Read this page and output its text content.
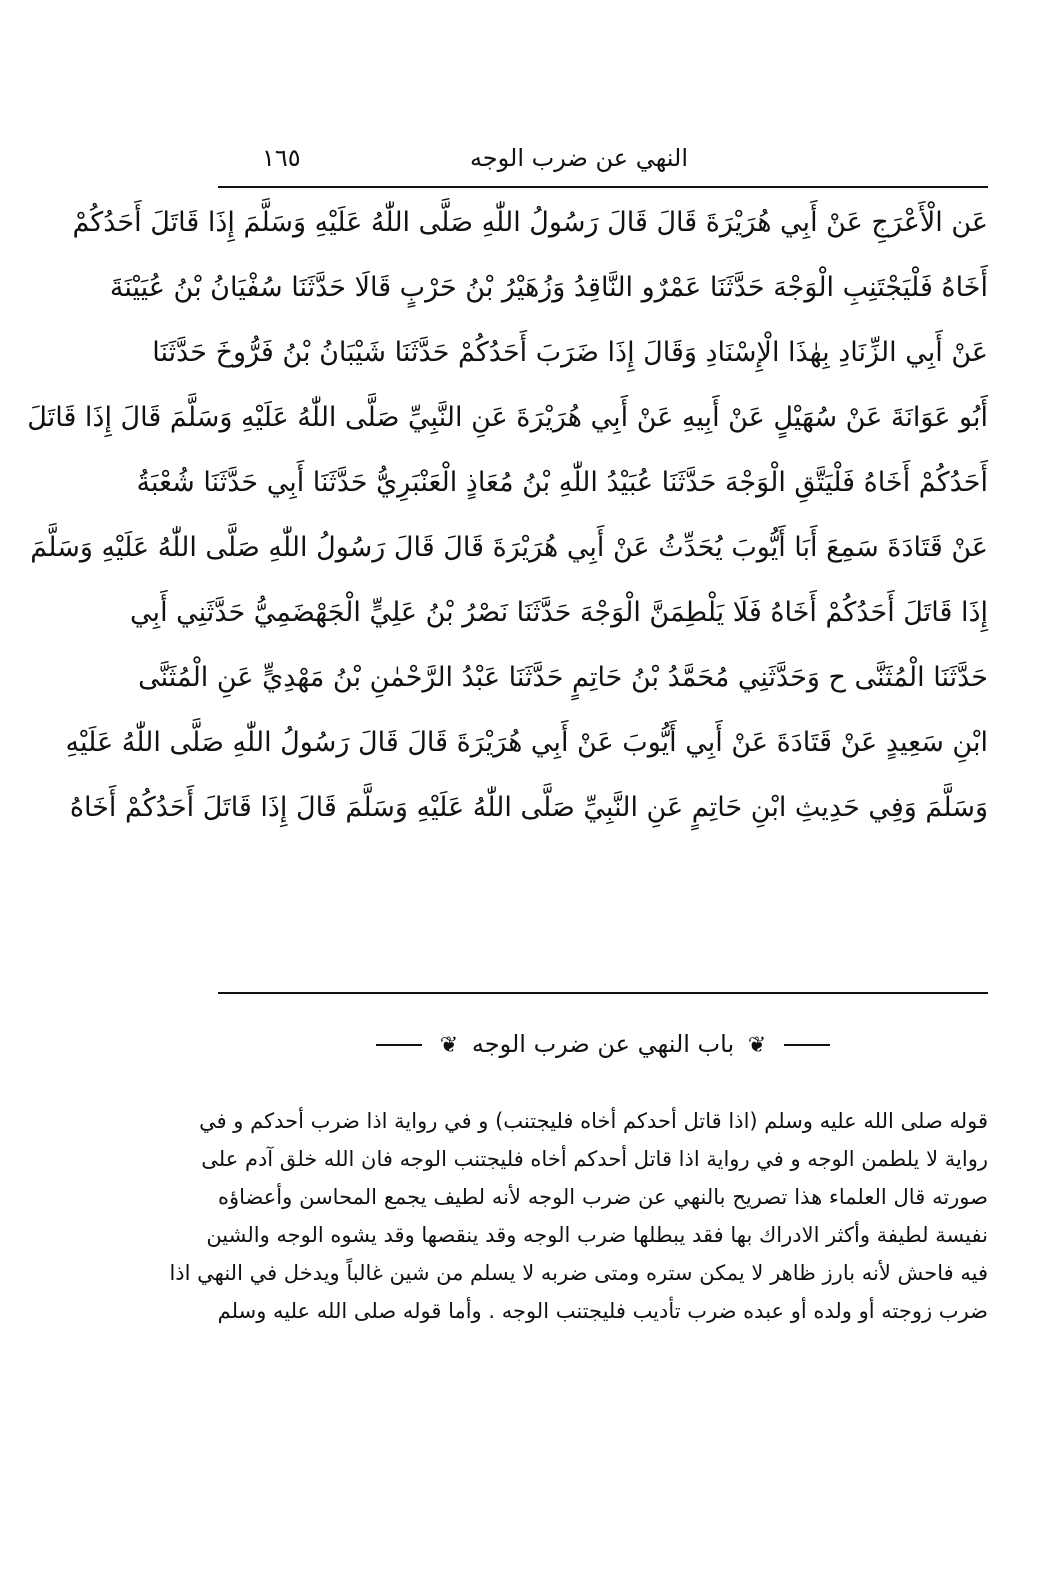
النهي عن ضرب الوجه
١٦٥
عَن الْأَعْرَجِ عَنْ أَبِي هُرَيْرَةَ قَالَ قَالَ رَسُولُ اللّٰهِ صَلَّى اللّٰهُ عَلَيْهِ وَسَلَّمَ إِذَا قَاتَلَ أَحَدُكُمْ
أَخَاهُ فَلْيَجْتَنِبِ الْوَجْهَ حَدَّثَنَا عَمْرٌو النَّاقِدُ وَزُهَيْرُ بْنُ حَرْبٍ قَالَا حَدَّثَنَا سُفْيَانُ بْنُ عُيَيْنَةَ
عَنْ أَبِي الزِّنَادِ بِهٰذَا الْإِسْنَادِ وَقَالَ إِذَا ضَرَبَ أَحَدُكُمْ حَدَّثَنَا شَيْبَانُ بْنُ فَرُّوخَ حَدَّثَنَا
أَبُو عَوَانَةَ عَنْ سُهَيْلٍ عَنْ أَبِيهِ عَنْ أَبِي هُرَيْرَةَ عَنِ النَّبِيِّ صَلَّى اللّٰهُ عَلَيْهِ وَسَلَّمَ قَالَ إِذَا قَاتَلَ
أَحَدُكُمْ أَخَاهُ فَلْيَتَّقِ الْوَجْهَ حَدَّثَنَا عُبَيْدُ اللّٰهِ بْنُ مُعَاذٍ الْعَنْبَرِيُّ حَدَّثَنَا أَبِي حَدَّثَنَا شُعْبَةُ
عَنْ قَتَادَةَ سَمِعَ أَبَا أَيُّوبَ يُحَدِّثُ عَنْ أَبِي هُرَيْرَةَ قَالَ قَالَ رَسُولُ اللّٰهِ صَلَّى اللّٰهُ عَلَيْهِ وَسَلَّمَ
إِذَا قَاتَلَ أَحَدُكُمْ أَخَاهُ فَلَا يَلْطِمَنَّ الْوَجْهَ حَدَّثَنَا نَصْرُ بْنُ عَلِيٍّ الْجَهْضَمِيُّ حَدَّثَنِي أَبِي
حَدَّثَنَا الْمُثَنَّى ح وَحَدَّثَنِي مُحَمَّدُ بْنُ حَاتِمٍ حَدَّثَنَا عَبْدُ الرَّحْمٰنِ بْنُ مَهْدِيٍّ عَنِ الْمُثَنَّى
ابْنِ سَعِيدٍ عَنْ قَتَادَةَ عَنْ أَبِي أَيُّوبَ عَنْ أَبِي هُرَيْرَةَ قَالَ قَالَ رَسُولُ اللّٰهِ صَلَّى اللّٰهُ عَلَيْهِ
وَسَلَّمَ وَفِي حَدِيثِ ابْنِ حَاتِمٍ عَنِ النَّبِيِّ صَلَّى اللّٰهُ عَلَيْهِ وَسَلَّمَ قَالَ إِذَا قَاتَلَ أَحَدُكُمْ أَخَاهُ
❦ باب النهي عن ضرب الوجه ❦
قوله صلى الله عليه وسلم (اذا قاتل أحدكم أخاه فليجتنب) و في رواية اذا ضرب أحدكم و في
رواية لا يلطمن الوجه و في رواية اذا قاتل أحدكم أخاه فليجتنب الوجه فان الله خلق آدم على
صورته قال العلماء هذا تصريح بالنهي عن ضرب الوجه لأنه لطيف يجمع المحاسن وأعضاؤه
نفيسة لطيفة وأكثر الادراك بها فقد يبطلها ضرب الوجه وقد ينقصها وقد يشوه الوجه والشين
فيه فاحش لأنه بارز ظاهر لا يمكن ستره ومتى ضربه لا يسلم من شين غالباً ويدخل في النهي اذا
ضرب زوجته أو ولده أو عبده ضرب تأديب فليجتنب الوجه . وأما قوله صلى الله عليه وسلم
